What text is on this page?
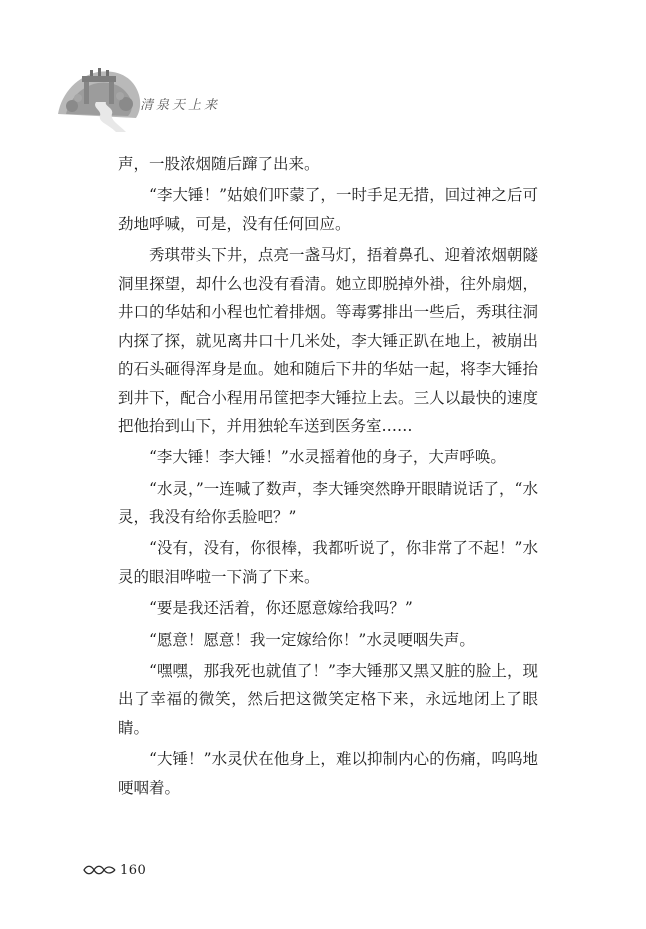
清泉天上来

声，一股浓烟随后蹿了出来。

“李大锤！”姑娘们吓蒙了，一时手足无措，回过神之后可劲地呼喊，可是，没有任何回应。

秀琪带头下井，点亮一盏马灯，捂着鼻孔、迎着浓烟朝隧洞里探望，却什么也没有看清。她立即脱掉外褂，往外扇烟，井口的华姑和小程也忙着排烟。等毒雾排出一些后，秀琪往洞内探了探，就见离井口十几米处，李大锤正趴在地上，被崩出的石头砸得浑身是血。她和随后下井的华姑一起，将李大锤抬到井下，配合小程用吊筐把李大锤拉上去。三人以最快的速度把他抬到山下，并用独轮车送到医务室……

“李大锤！李大锤！”水灵摇着他的身子，大声呼唤。

“水灵，”一连喊了数声，李大锤突然睁开眼睛说话了，“水灵，我没有给你丢脸吧？”

“没有，没有，你很棒，我都听说了，你非常了不起！”水灵的眼泪哗啦一下淌了下来。

“要是我还活着，你还愿意嫁给我吗？”

“愿意！愿意！我一定嫁给你！”水灵哽咽失声。

“嘿嘿，那我死也就值了！”李大锤那又黑又脏的脸上，现出了幸福的微笑，然后把这微笑定格下来，永远地闭上了眼睛。

“大锤！”水灵伏在他身上，难以抑制内心的伤痛，呜呜地哽咽着。

160
